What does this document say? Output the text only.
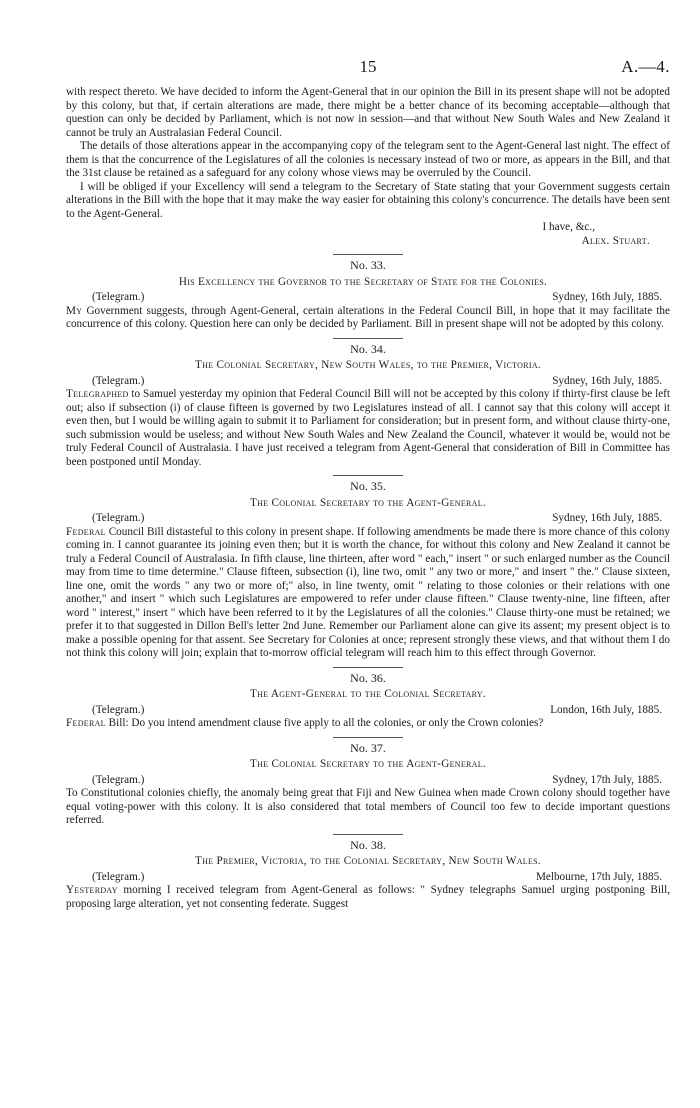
15	A.—4.

with respect thereto. We have decided to inform the Agent-General that in our opinion the Bill in its present shape will not be adopted by this colony, but that, if certain alterations are made, there might be a better chance of its becoming acceptable—although that question can only be decided by Parliament, which is not now in session—and that without New South Wales and New Zealand it cannot be truly an Australasian Federal Council.

The details of those alterations appear in the accompanying copy of the telegram sent to the Agent-General last night. The effect of them is that the concurrence of the Legislatures of all the colonies is necessary instead of two or more, as appears in the Bill, and that the 31st clause be retained as a safeguard for any colony whose views may be overruled by the Council.

I will be obliged if your Excellency will send a telegram to the Secretary of State stating that your Government suggests certain alterations in the Bill with the hope that it may make the way easier for obtaining this colony's concurrence. The details have been sent to the Agent-General.

I have, &c.,

Alex. Stuart.

No. 33.
His Excellency the Governor to the Secretary of State for the Colonies.
(Telegram.)	Sydney, 16th July, 1885.

My Government suggests, through Agent-General, certain alterations in the Federal Council Bill, in hope that it may facilitate the concurrence of this colony. Question here can only be decided by Parliament. Bill in present shape will not be adopted by this colony.

No. 34.
The Colonial Secretary, New South Wales, to the Premier, Victoria.
(Telegram.)	Sydney, 16th July, 1885.

Telegraphed to Samuel yesterday my opinion that Federal Council Bill will not be accepted by this colony if thirty-first clause be left out; also if subsection (i) of clause fifteen is governed by two Legislatures instead of all. I cannot say that this colony will accept it even then, but I would be willing again to submit it to Parliament for consideration; but in present form, and without clause thirty-one, such submission would be useless; and without New South Wales and New Zealand the Council, whatever it would be, would not be truly Federal Council of Australasia. I have just received a telegram from Agent-General that consideration of Bill in Committee has been postponed until Monday.

No. 35.
The Colonial Secretary to the Agent-General.
(Telegram.)	Sydney, 16th July, 1885.

Federal Council Bill distasteful to this colony in present shape. If following amendments be made there is more chance of this colony coming in. I cannot guarantee its joining even then; but it is worth the chance, for without this colony and New Zealand it cannot be truly a Federal Council of Australasia. In fifth clause, line thirteen, after word " each," insert " or such enlarged number as the Council may from time to time determine." Clause fifteen, subsection (i), line two, omit " any two or more," and insert " the." Clause sixteen, line one, omit the words " any two or more of;" also, in line twenty, omit " relating to those colonies or their relations with one another," and insert " which such Legislatures are empowered to refer under clause fifteen." Clause twenty-nine, line fifteen, after word " interest," insert " which have been referred to it by the Legislatures of all the colonies." Clause thirty-one must be retained; we prefer it to that suggested in Dillon Bell's letter 2nd June. Remember our Parliament alone can give its assent; my present object is to make a possible opening for that assent. See Secretary for Colonies at once; represent strongly these views, and that without them I do not think this colony will join; explain that to-morrow official telegram will reach him to this effect through Governor.

No. 36.
The Agent-General to the Colonial Secretary.
(Telegram.)	London, 16th July, 1885.

Federal Bill: Do you intend amendment clause five apply to all the colonies, or only the Crown colonies?

No. 37.
The Colonial Secretary to the Agent-General.
(Telegram.)	Sydney, 17th July, 1885.

To Constitutional colonies chiefly, the anomaly being great that Fiji and New Guinea when made Crown colony should together have equal voting-power with this colony. It is also considered that total members of Council too few to decide important questions referred.

No. 38.
The Premier, Victoria, to the Colonial Secretary, New South Wales.
(Telegram.)	Melbourne, 17th July, 1885.

Yesterday morning I received telegram from Agent-General as follows: " Sydney telegraphs Samuel urging postponing Bill, proposing large alteration, yet not consenting federate. Suggest
